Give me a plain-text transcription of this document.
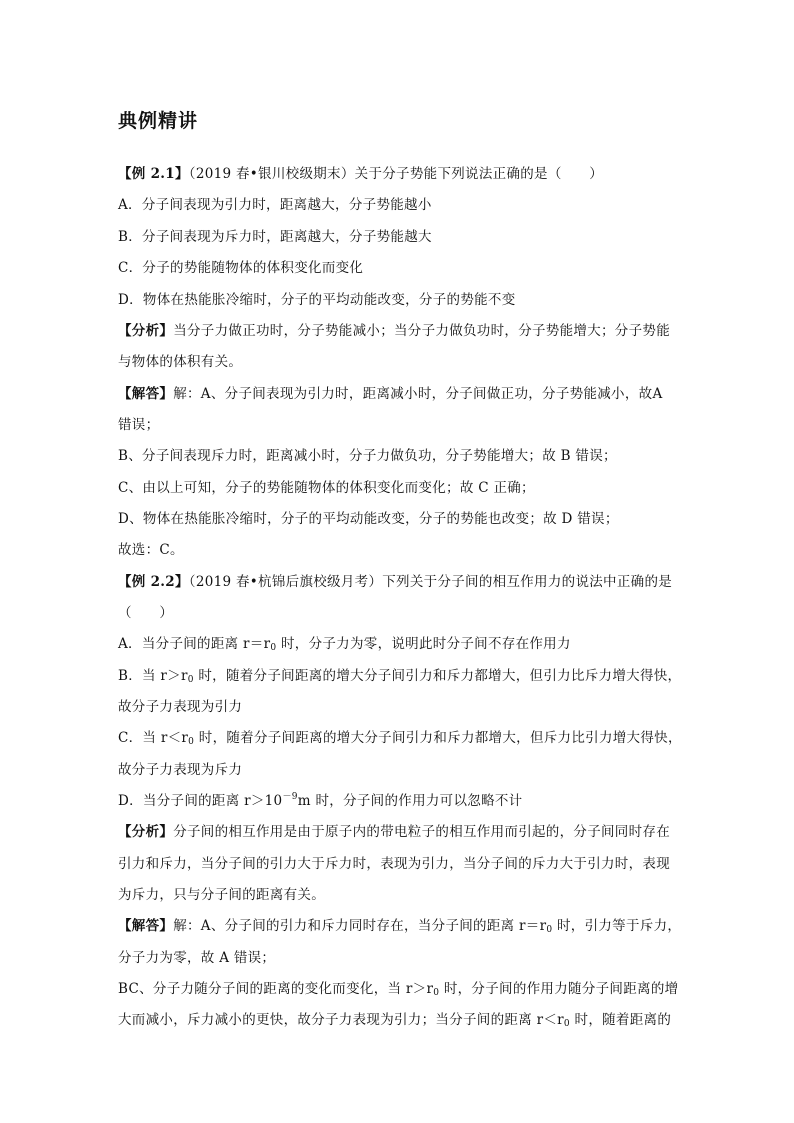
典例精讲
【例 2.1】（2019 春•银川校级期末）关于分子势能下列说法正确的是（　　）
A．分子间表现为引力时，距离越大，分子势能越小
B．分子间表现为斥力时，距离越大，分子势能越大
C．分子的势能随物体的体积变化而变化
D．物体在热能胀冷缩时，分子的平均动能改变，分子的势能不变
【分析】当分子力做正功时，分子势能减小；当分子力做负功时，分子势能增大；分子势能
与物体的体积有关。
【解答】解：A、分子间表现为引力时，距离减小时，分子间做正功，分子势能减小，故A
错误；
B、分子间表现斥力时，距离减小时，分子力做负功，分子势能增大；故 B 错误；
C、由以上可知，分子的势能随物体的体积变化而变化；故 C 正确；
D、物体在热能胀冷缩时，分子的平均动能改变，分子的势能也改变；故 D 错误；
故选：C。
【例 2.2】（2019 春•杭锦后旗校级月考）下列关于分子间的相互作用力的说法中正确的是
（　　）
A．当分子间的距离 $r=r_0$ 时，分子力为零，说明此时分子间不存在作用力
B．当 $r>r_0$ 时，随着分子间距离的增大分子间引力和斥力都增大，但引力比斥力增大得快，
故分子力表现为引力
C．当 $r<r_0$ 时，随着分子间距离的增大分子间引力和斥力都增大，但斥力比引力增大得快，
故分子力表现为斥力
D．当分子间的距离 $r>10^{-9}m$ 时，分子间的作用力可以忽略不计
【分析】分子间的相互作用是由于原子内的带电粒子的相互作用而引起的，分子间同时存在
引力和斥力，当分子间的引力大于斥力时，表现为引力，当分子间的斥力大于引力时，表现
为斥力，只与分子间的距离有关。
【解答】解：A、分子间的引力和斥力同时存在，当分子间的距离 $r=r_0$ 时，引力等于斥力，
分子力为零，故 A 错误；
BC、分子力随分子间的距离的变化而变化，当 $r>r_0$ 时，分子间的作用力随分子间距离的增
大而减小，斥力减小的更快，故分子力表现为引力；当分子间的距离 $r<r_0$ 时，随着距离的
